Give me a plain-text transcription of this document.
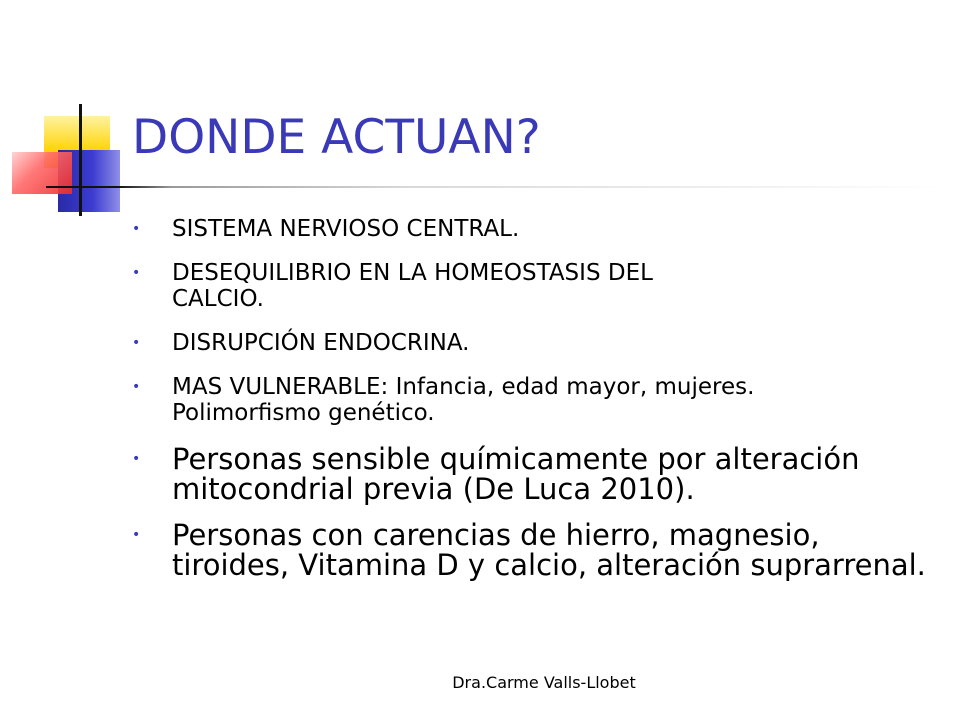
DONDE ACTUAN?
• SISTEMA NERVIOSO CENTRAL.
• DESEQUILIBRIO EN LA HOMEOSTASIS DEL
CALCIO.
• DISRUPCIÓN ENDOCRINA.
• MAS VULNERABLE: Infancia, edad mayor, mujeres.
Polimorfismo genético.
• Personas sensible químicamente por alteración
mitocondrial previa (De Luca 2010).
• Personas con carencias de hierro, magnesio,
tiroides, Vitamina D y calcio, alteración suprarrenal.
Dra.Carme Valls-Llobet
